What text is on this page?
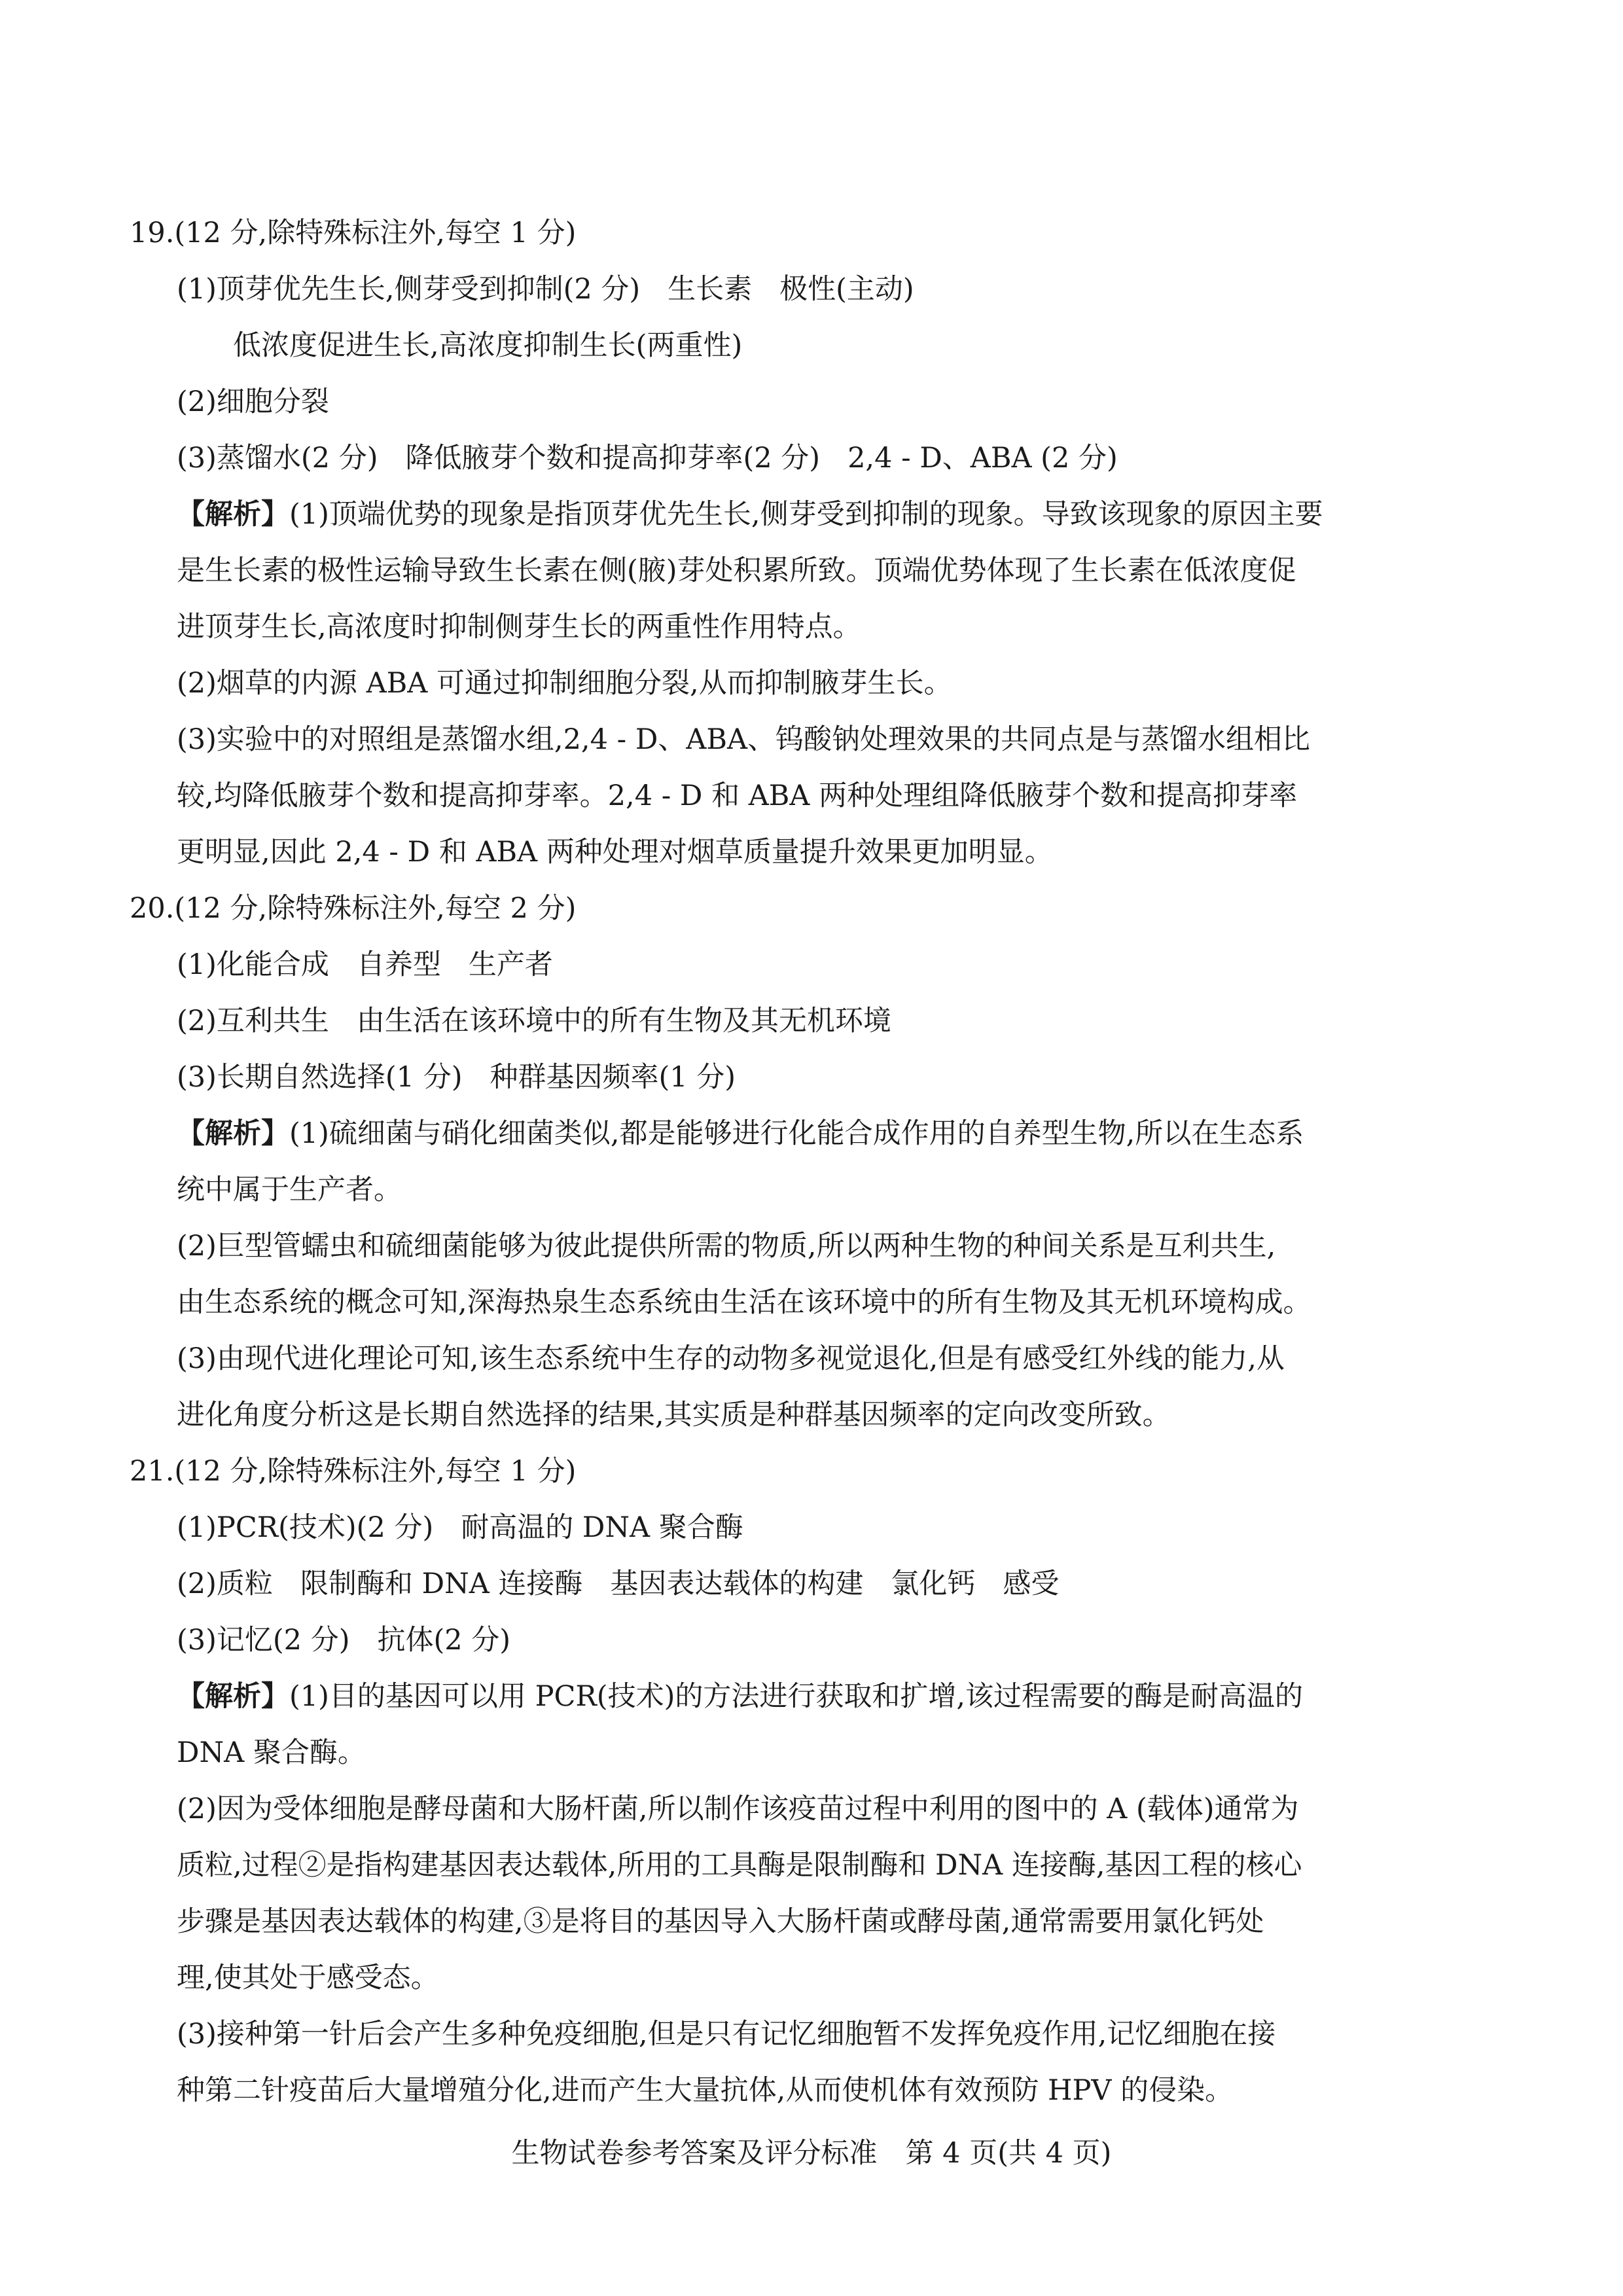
19.(12 分,除特殊标注外,每空 1 分)
(1)顶芽优先生长,侧芽受到抑制(2 分) 生长素 极性(主动)
低浓度促进生长,高浓度抑制生长(两重性)
(2)细胞分裂
(3)蒸馏水(2 分) 降低腋芽个数和提高抑芽率(2 分) 2,4 - D、ABA (2 分)
【解析】(1)顶端优势的现象是指顶芽优先生长,侧芽受到抑制的现象。导致该现象的原因主要
是生长素的极性运输导致生长素在侧(腋)芽处积累所致。顶端优势体现了生长素在低浓度促
进顶芽生长,高浓度时抑制侧芽生长的两重性作用特点。
(2)烟草的内源 ABA 可通过抑制细胞分裂,从而抑制腋芽生长。
(3)实验中的对照组是蒸馏水组,2,4 - D、ABA、钨酸钠处理效果的共同点是与蒸馏水组相比
较,均降低腋芽个数和提高抑芽率。2,4 - D 和 ABA 两种处理组降低腋芽个数和提高抑芽率
更明显,因此 2,4 - D 和 ABA 两种处理对烟草质量提升效果更加明显。
20.(12 分,除特殊标注外,每空 2 分)
(1)化能合成 自养型 生产者
(2)互利共生 由生活在该环境中的所有生物及其无机环境
(3)长期自然选择(1 分) 种群基因频率(1 分)
【解析】(1)硫细菌与硝化细菌类似,都是能够进行化能合成作用的自养型生物,所以在生态系
统中属于生产者。
(2)巨型管蠕虫和硫细菌能够为彼此提供所需的物质,所以两种生物的种间关系是互利共生,
由生态系统的概念可知,深海热泉生态系统由生活在该环境中的所有生物及其无机环境构成。
(3)由现代进化理论可知,该生态系统中生存的动物多视觉退化,但是有感受红外线的能力,从
进化角度分析这是长期自然选择的结果,其实质是种群基因频率的定向改变所致。
21.(12 分,除特殊标注外,每空 1 分)
(1)PCR(技术)(2 分) 耐高温的 DNA 聚合酶
(2)质粒 限制酶和 DNA 连接酶 基因表达载体的构建 氯化钙 感受
(3)记忆(2 分) 抗体(2 分)
【解析】(1)目的基因可以用 PCR(技术)的方法进行获取和扩增,该过程需要的酶是耐高温的
DNA 聚合酶。
(2)因为受体细胞是酵母菌和大肠杆菌,所以制作该疫苗过程中利用的图中的 A (载体)通常为
质粒,过程②是指构建基因表达载体,所用的工具酶是限制酶和 DNA 连接酶,基因工程的核心
步骤是基因表达载体的构建,③是将目的基因导入大肠杆菌或酵母菌,通常需要用氯化钙处
理,使其处于感受态。
(3)接种第一针后会产生多种免疫细胞,但是只有记忆细胞暂不发挥免疫作用,记忆细胞在接
种第二针疫苗后大量增殖分化,进而产生大量抗体,从而使机体有效预防 HPV 的侵染。
生物试卷参考答案及评分标准　第 4 页(共 4 页)
